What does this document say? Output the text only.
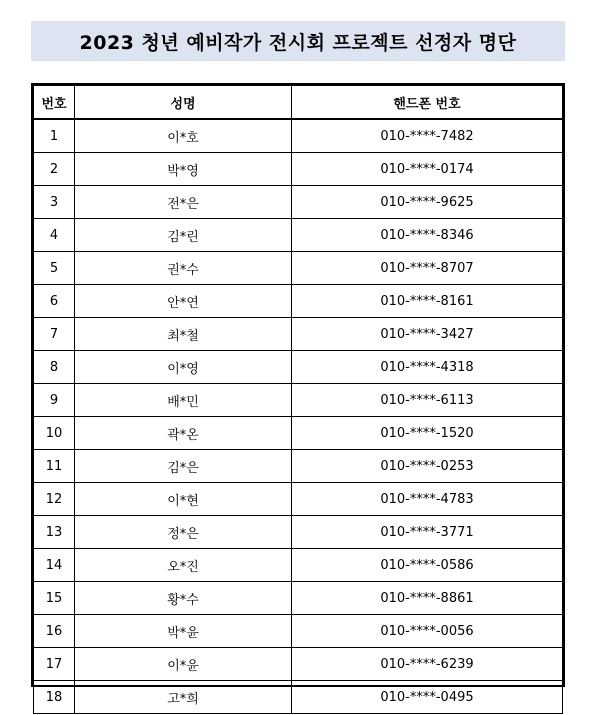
2023 청년 예비작가 전시회 프로젝트 선정자 명단
번호	성명	핸드폰 번호
1	이*호	010-****-7482
2	박*영	010-****-0174
3	전*은	010-****-9625
4	김*린	010-****-8346
5	권*수	010-****-8707
6	안*연	010-****-8161
7	최*철	010-****-3427
8	이*영	010-****-4318
9	배*민	010-****-6113
10	곽*온	010-****-1520
11	김*은	010-****-0253
12	이*현	010-****-4783
13	정*은	010-****-3771
14	오*진	010-****-0586
15	황*수	010-****-8861
16	박*윤	010-****-0056
17	이*윤	010-****-6239
18	고*희	010-****-0495
